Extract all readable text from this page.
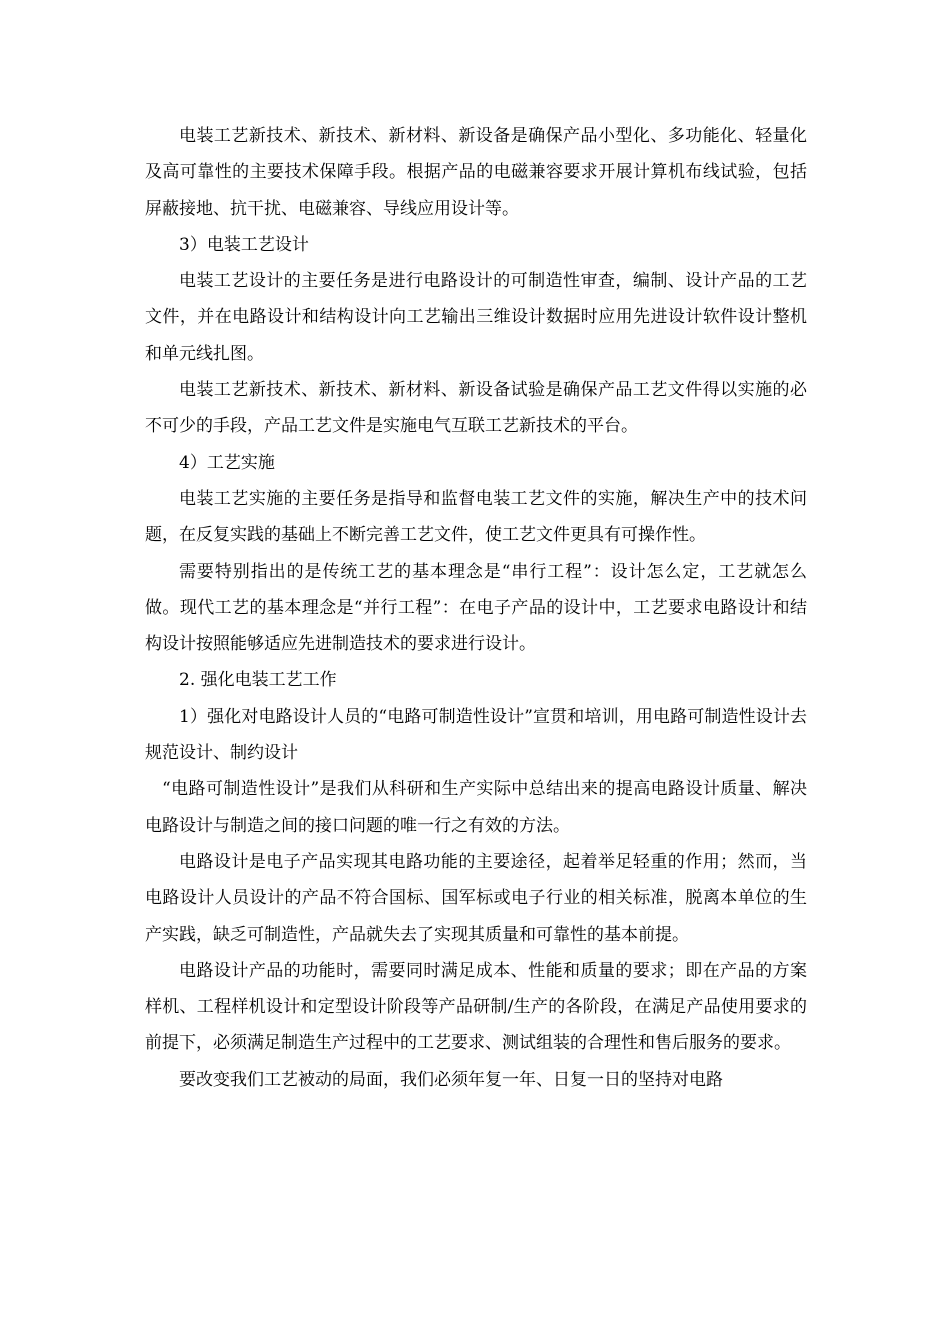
电装工艺新技术、新技术、新材料、新设备是确保产品小型化、多功能化、轻量化及高可靠性的主要技术保障手段。根据产品的电磁兼容要求开展计算机布线试验，包括屏蔽接地、抗干扰、电磁兼容、导线应用设计等。

3）电装工艺设计

电装工艺设计的主要任务是进行电路设计的可制造性审查，编制、设计产品的工艺文件，并在电路设计和结构设计向工艺输出三维设计数据时应用先进设计软件设计整机和单元线扎图。

电装工艺新技术、新技术、新材料、新设备试验是确保产品工艺文件得以实施的必不可少的手段，产品工艺文件是实施电气互联工艺新技术的平台。

4）工艺实施

电装工艺实施的主要任务是指导和监督电装工艺文件的实施，解决生产中的技术问题，在反复实践的基础上不断完善工艺文件，使工艺文件更具有可操作性。

需要特别指出的是传统工艺的基本理念是“串行工程”：设计怎么定，工艺就怎么做。现代工艺的基本理念是“并行工程”：在电子产品的设计中，工艺要求电路设计和结构设计按照能够适应先进制造技术的要求进行设计。

2. 强化电装工艺工作

1）强化对电路设计人员的“电路可制造性设计”宣贯和培训，用电路可制造性设计去规范设计、制约设计

“电路可制造性设计”是我们从科研和生产实际中总结出来的提高电路设计质量、解决电路设计与制造之间的接口问题的唯一行之有效的方法。

电路设计是电子产品实现其电路功能的主要途径，起着举足轻重的作用；然而，当电路设计人员设计的产品不符合国标、国军标或电子行业的相关标准，脱离本单位的生产实践，缺乏可制造性，产品就失去了实现其质量和可靠性的基本前提。

电路设计产品的功能时，需要同时满足成本、性能和质量的要求；即在产品的方案样机、工程样机设计和定型设计阶段等产品研制/生产的各阶段，在满足产品使用要求的前提下，必须满足制造生产过程中的工艺要求、测试组装的合理性和售后服务的要求。

要改变我们工艺被动的局面，我们必须年复一年、日复一日的坚持对电路
